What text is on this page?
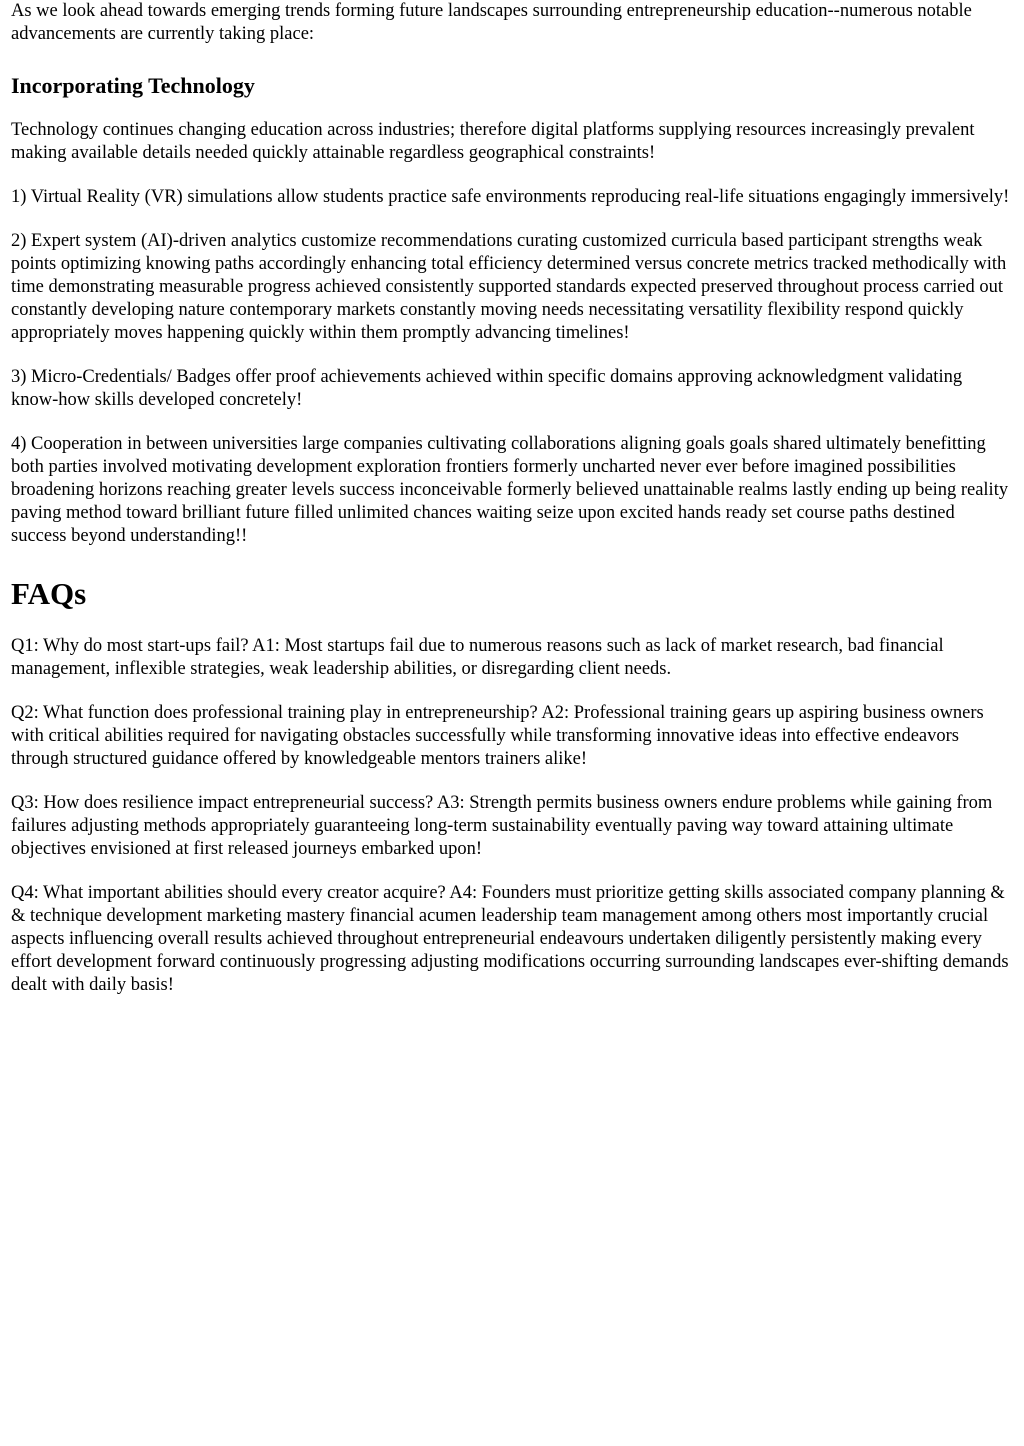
As we look ahead towards emerging trends forming future landscapes surrounding entrepreneurship education--numerous notable advancements are currently taking place:

Incorporating Technology

Technology continues changing education across industries; therefore digital platforms supplying resources increasingly prevalent making available details needed quickly attainable regardless geographical constraints!

1) Virtual Reality (VR) simulations allow students practice safe environments reproducing real-life situations engagingly immersively!

2) Expert system (AI)-driven analytics customize recommendations curating customized curricula based participant strengths weak points optimizing knowing paths accordingly enhancing total efficiency determined versus concrete metrics tracked methodically with time demonstrating measurable progress achieved consistently supported standards expected preserved throughout process carried out constantly developing nature contemporary markets constantly moving needs necessitating versatility flexibility respond quickly appropriately moves happening quickly within them promptly advancing timelines!

3) Micro-Credentials/ Badges offer proof achievements achieved within specific domains approving acknowledgment validating know-how skills developed concretely!

4) Cooperation in between universities large companies cultivating collaborations aligning goals goals shared ultimately benefitting both parties involved motivating development exploration frontiers formerly uncharted never ever before imagined possibilities broadening horizons reaching greater levels success inconceivable formerly believed unattainable realms lastly ending up being reality paving method toward brilliant future filled unlimited chances waiting seize upon excited hands ready set course paths destined success beyond understanding!!

FAQs

Q1: Why do most start-ups fail? A1: Most startups fail due to numerous reasons such as lack of market research, bad financial management, inflexible strategies, weak leadership abilities, or disregarding client needs.

Q2: What function does professional training play in entrepreneurship? A2: Professional training gears up aspiring business owners with critical abilities required for navigating obstacles successfully while transforming innovative ideas into effective endeavors through structured guidance offered by knowledgeable mentors trainers alike!

Q3: How does resilience impact entrepreneurial success? A3: Strength permits business owners endure problems while gaining from failures adjusting methods appropriately guaranteeing long-term sustainability eventually paving way toward attaining ultimate objectives envisioned at first released journeys embarked upon!

Q4: What important abilities should every creator acquire? A4: Founders must prioritize getting skills associated company planning & & technique development marketing mastery financial acumen leadership team management among others most importantly crucial aspects influencing overall results achieved throughout entrepreneurial endeavours undertaken diligently persistently making every effort development forward continuously progressing adjusting modifications occurring surrounding landscapes ever-shifting demands dealt with daily basis!
